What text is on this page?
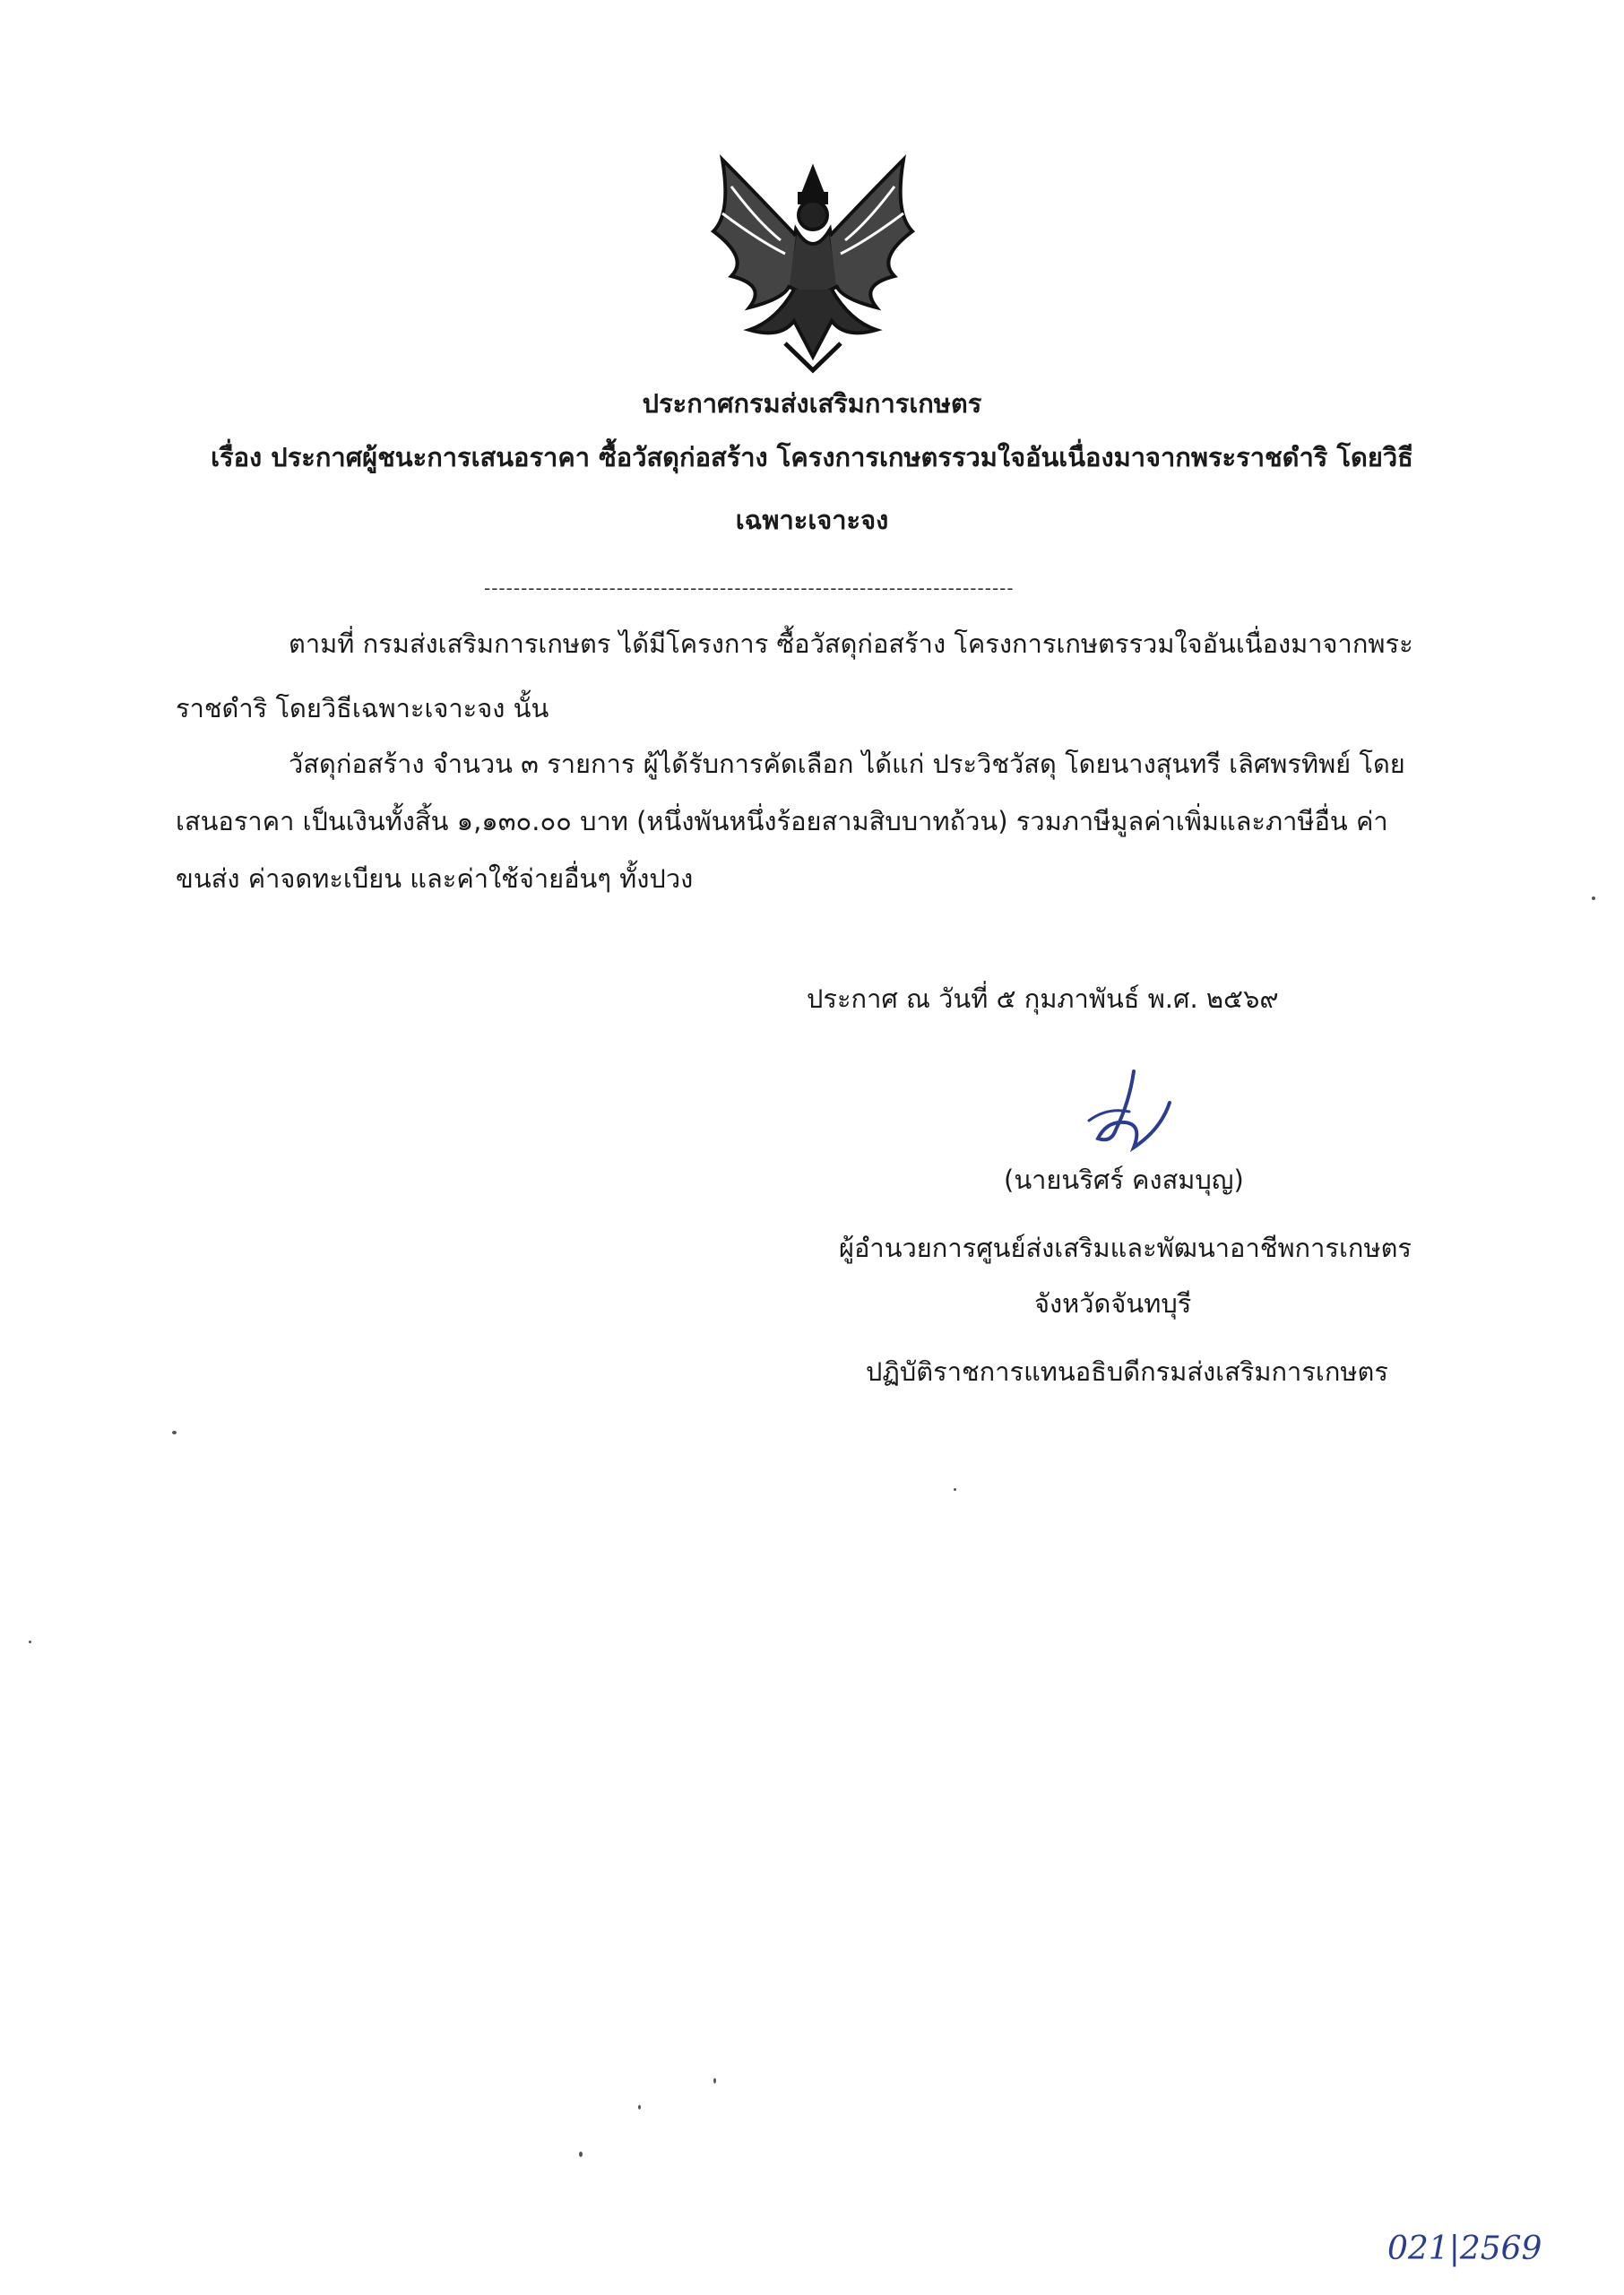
ประกาศกรมส่งเสริมการเกษตร
เรื่อง ประกาศผู้ชนะการเสนอราคา ซื้อวัสดุก่อสร้าง โครงการเกษตรรวมใจอันเนื่องมาจากพระราชดำริ โดยวิธี
เฉพาะเจาะจง
------------------------------------------------------------------------
ตามที่ กรมส่งเสริมการเกษตร ได้มีโครงการ ซื้อวัสดุก่อสร้าง โครงการเกษตรรวมใจอันเนื่องมาจากพระ
ราชดำริ โดยวิธีเฉพาะเจาะจง นั้น
วัสดุก่อสร้าง จำนวน ๓ รายการ ผู้ได้รับการคัดเลือก ได้แก่ ประวิชวัสดุ โดยนางสุนทรี เลิศพรทิพย์ โดย
เสนอราคา เป็นเงินทั้งสิ้น ๑,๑๓๐.๐๐ บาท (หนึ่งพันหนึ่งร้อยสามสิบบาทถ้วน) รวมภาษีมูลค่าเพิ่มและภาษีอื่น ค่า
ขนส่ง ค่าจดทะเบียน และค่าใช้จ่ายอื่นๆ ทั้งปวง
ประกาศ ณ วันที่ ๕ กุมภาพันธ์ พ.ศ. ๒๕๖๙
(นายนริศร์ คงสมบุญ)
ผู้อำนวยการศูนย์ส่งเสริมและพัฒนาอาชีพการเกษตร
จังหวัดจันทบุรี
ปฏิบัติราชการแทนอธิบดีกรมส่งเสริมการเกษตร
021|2569
